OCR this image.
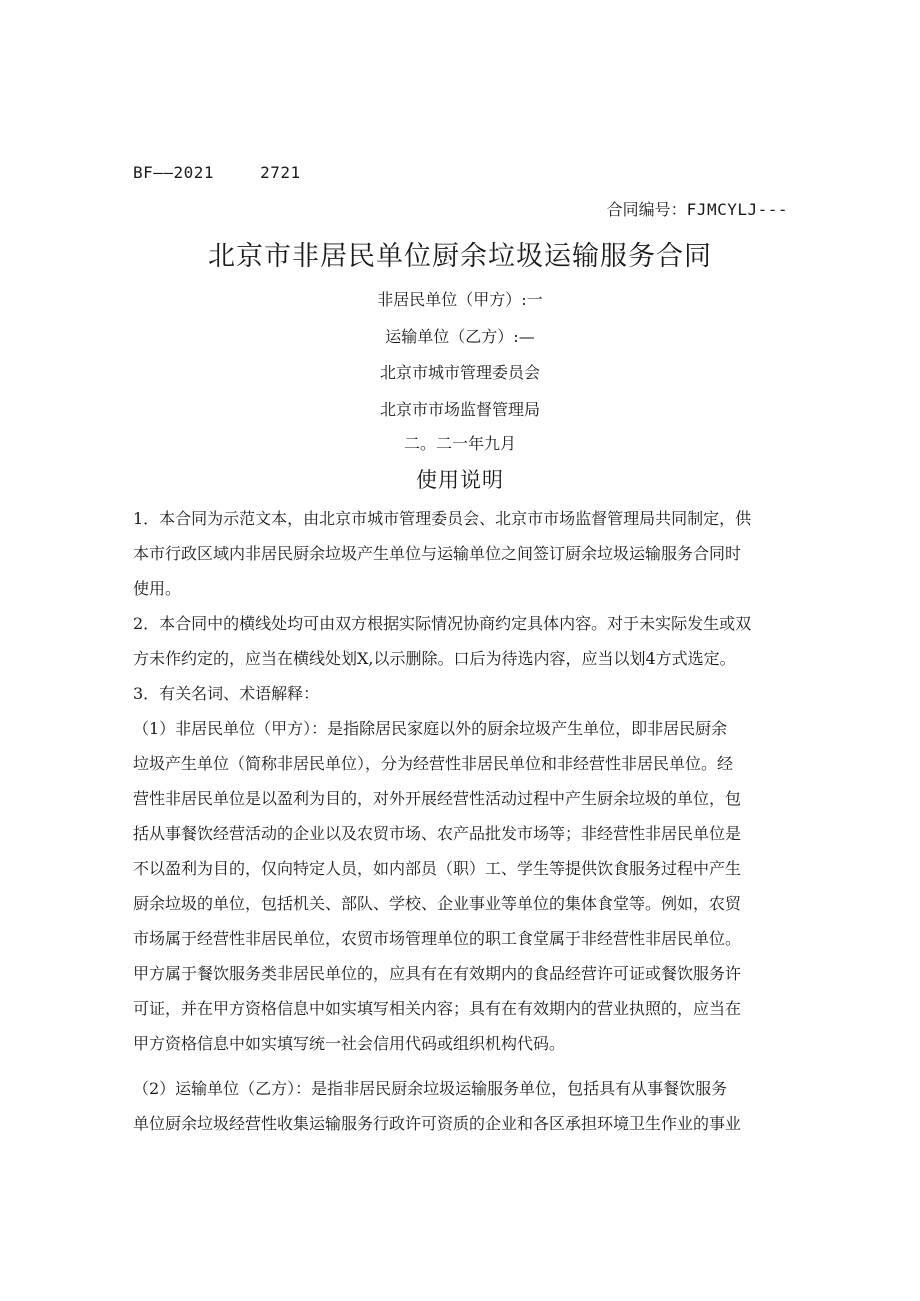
BF——2021	2721
合同编号：FJMCYLJ---
北京市非居民单位厨余垃圾运输服务合同
非居民单位（甲方）:一
运输单位（乙方）:—
北京市城市管理委员会
北京市市场监督管理局
二。二一年九月
使用说明
1．本合同为示范文本，由北京市城市管理委员会、北京市市场监督管理局共同制定，供
本市行政区域内非居民厨余垃圾产生单位与运输单位之间签订厨余垃圾运输服务合同时
使用。
2．本合同中的横线处均可由双方根据实际情况协商约定具体内容。对于未实际发生或双
方未作约定的，应当在横线处划X,以示删除。口后为待选内容，应当以划4方式选定。
3．有关名词、术语解释：
（1）非居民单位（甲方）：是指除居民家庭以外的厨余垃圾产生单位，即非居民厨余
垃圾产生单位（简称非居民单位），分为经营性非居民单位和非经营性非居民单位。经
营性非居民单位是以盈利为目的，对外开展经营性活动过程中产生厨余垃圾的单位，包
括从事餐饮经营活动的企业以及农贸市场、农产品批发市场等；非经营性非居民单位是
不以盈利为目的，仅向特定人员，如内部员（职）工、学生等提供饮食服务过程中产生
厨余垃圾的单位，包括机关、部队、学校、企业事业等单位的集体食堂等。例如，农贸
市场属于经营性非居民单位，农贸市场管理单位的职工食堂属于非经营性非居民单位。
甲方属于餐饮服务类非居民单位的，应具有在有效期内的食品经营许可证或餐饮服务许
可证，并在甲方资格信息中如实填写相关内容；具有在有效期内的营业执照的，应当在
甲方资格信息中如实填写统一社会信用代码或组织机构代码。
（2）运输单位（乙方）：是指非居民厨余垃圾运输服务单位，包括具有从事餐饮服务
单位厨余垃圾经营性收集运输服务行政许可资质的企业和各区承担环境卫生作业的事业
